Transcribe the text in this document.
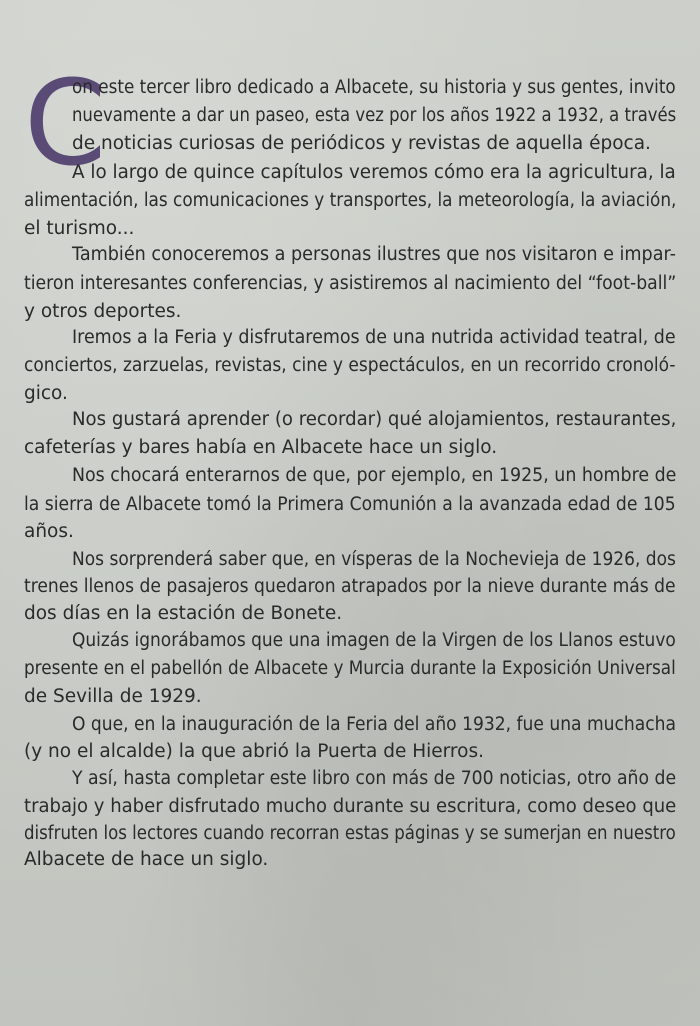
C
on este tercer libro dedicado a Albacete, su historia y sus gentes, invito
nuevamente a dar un paseo, esta vez por los años 1922 a 1932, a través
de noticias curiosas de periódicos y revistas de aquella época.
A lo largo de quince capítulos veremos cómo era la agricultura, la
alimentación, las comunicaciones y transportes, la meteorología, la aviación,
el turismo...
También conoceremos a personas ilustres que nos visitaron e impar-
tieron interesantes conferencias, y asistiremos al nacimiento del “foot-ball”
y otros deportes.
Iremos a la Feria y disfrutaremos de una nutrida actividad teatral, de
conciertos, zarzuelas, revistas, cine y espectáculos, en un recorrido cronoló-
gico.
Nos gustará aprender (o recordar) qué alojamientos, restaurantes,
cafeterías y bares había en Albacete hace un siglo.
Nos chocará enterarnos de que, por ejemplo, en 1925, un hombre de
la sierra de Albacete tomó la Primera Comunión a la avanzada edad de 105
años.
Nos sorprenderá saber que, en vísperas de la Nochevieja de 1926, dos
trenes llenos de pasajeros quedaron atrapados por la nieve durante más de
dos días en la estación de Bonete.
Quizás ignorábamos que una imagen de la Virgen de los Llanos estuvo
presente en el pabellón de Albacete y Murcia durante la Exposición Universal
de Sevilla de 1929.
O que, en la inauguración de la Feria del año 1932, fue una muchacha
(y no el alcalde) la que abrió la Puerta de Hierros.
Y así, hasta completar este libro con más de 700 noticias, otro año de
trabajo y haber disfrutado mucho durante su escritura, como deseo que
disfruten los lectores cuando recorran estas páginas y se sumerjan en nuestro
Albacete de hace un siglo.
